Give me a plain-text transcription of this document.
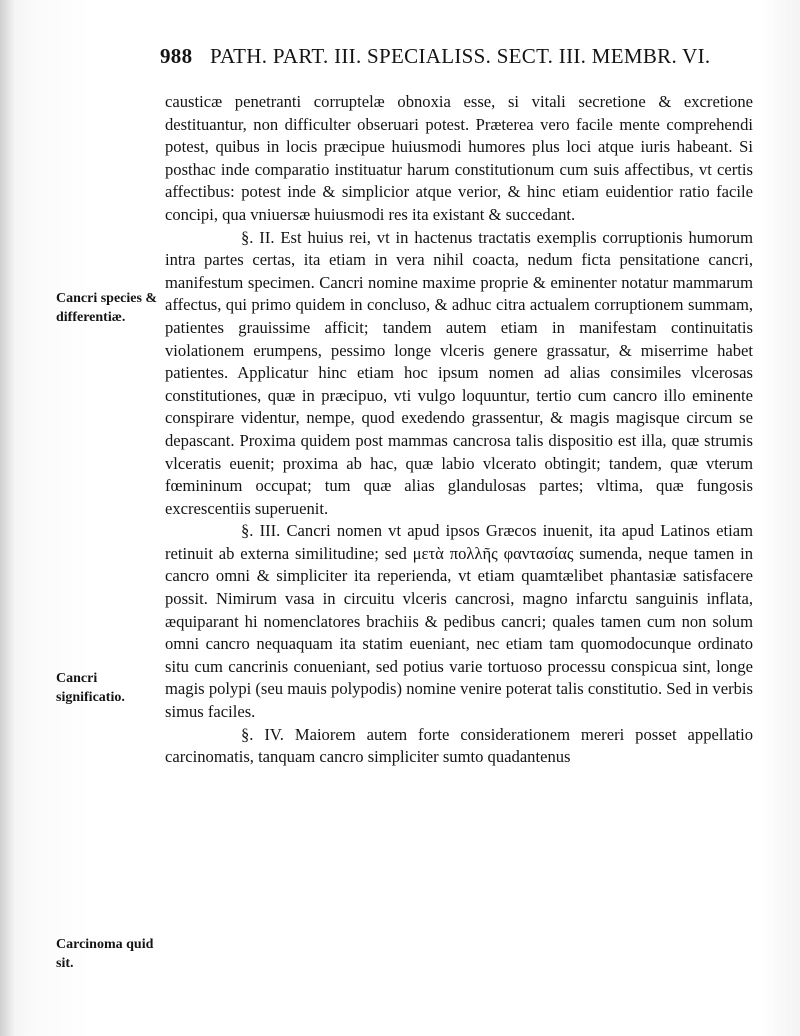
988 PATH. PART. III. SPECIALISS. SECT. III. MEMBR. VI.
Cancri species & differentiæ.
Cancri significatio.
Carcinoma quid sit.

causticæ penetranti corruptelæ obnoxia esse, si vitali secretione & excretione destituantur, non difficulter obseruari potest. Præterea vero facile mente comprehendi potest, quibus in locis præcipue huiusmodi humores plus loci atque iuris habeant. Si posthac inde comparatio instituatur harum constitutionum cum suis affectibus, vt certis affectibus: potest inde & simplicior atque verior, & hinc etiam euidentior ratio facile concipi, qua vniuersæ huiusmodi res ita existant & succedant.

§. II. Est huius rei, vt in hactenus tractatis exemplis corruptionis humorum intra partes certas, ita etiam in vera nihil coacta, nedum ficta pensitatione cancri, manifestum specimen. Cancri nomine maxime proprie & eminenter notatur mammarum affectus, qui primo quidem in concluso, & adhuc citra actualem corruptionem summam, patientes grauissime afficit; tandem autem etiam in manifestam continuitatis violationem erumpens, pessimo longe vlceris genere grassatur, & miserrime habet patientes. Applicatur hinc etiam hoc ipsum nomen ad alias consimiles vlcerosas constitutiones, quæ in præcipuo, vti vulgo loquuntur, tertio cum cancro illo eminente conspirare videntur, nempe, quod exedendo grassentur, & magis magisque circum se depascant. Proxima quidem post mammas cancrosa talis dispositio est illa, quæ strumis vlceratis euenit; proxima ab hac, quæ labio vlcerato obtingit; tandem, quæ vterum fœmininum occupat; tum quæ alias glandulosas partes; vltima, quæ fungosis excrescentiis superuenit.

§. III. Cancri nomen vt apud ipsos Græcos inuenit, ita apud Latinos etiam retinuit ab externa similitudine; sed μετὰ πολλῆς φαντασίας sumenda, neque tamen in cancro omni & simpliciter ita reperienda, vt etiam quamtælibet phantasiæ satisfacere possit. Nimirum vasa in circuitu vlceris cancrosi, magno infarctu sanguinis inflata, æquiparant hi nomenclatores brachiis & pedibus cancri; quales tamen cum non solum omni cancro nequaquam ita statim eueniant, nec etiam tam quomodocunque ordinato situ cum cancrinis conueniant, sed potius varie tortuoso processu conspicua sint, longe magis polypi (seu mauis polypodis) nomine venire poterat talis constitutio. Sed in verbis simus faciles.

§. IV. Maiorem autem forte considerationem mereri posset appellatio carcinomatis, tanquam cancro simpliciter sumto quadantenus
